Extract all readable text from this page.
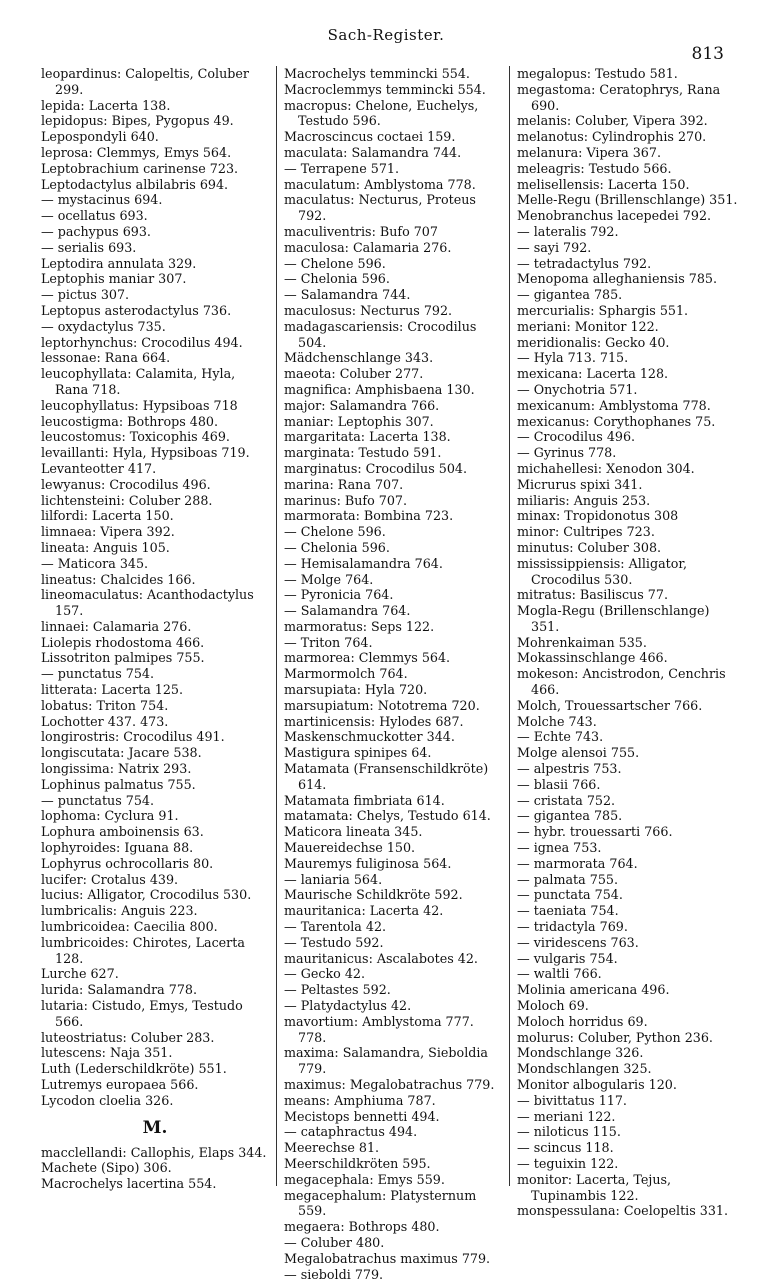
Sach-Register.
813
leopardinus: Calopeltis, Coluber 299.
lepida: Lacerta 138.
lepidopus: Bipes, Pygopus 49.
Lepospondyli 640.
leprosa: Clemmys, Emys 564.
Leptobrachium carinense 723.
Leptodactylus albilabris 694.
— mystacinus 694.
— ocellatus 693.
— pachypus 693.
— serialis 693.
Leptodira annulata 329.
Leptophis maniar 307.
— pictus 307.
Leptopus asterodactylus 736.
— oxydactylus 735.
leptorhynchus: Crocodilus 494.
lessonae: Rana 664.
leucophyllata: Calamita, Hyla, Rana 718.
leucophyllatus: Hypsiboas 718
leucostigma: Bothrops 480.
leucostomus: Toxicophis 469.
levaillanti: Hyla, Hypsiboas 719.
Levanteotter 417.
lewyanus: Crocodilus 496.
lichtensteini: Coluber 288.
lilfordi: Lacerta 150.
limnaea: Vipera 392.
lineata: Anguis 105.
— Maticora 345.
lineatus: Chalcides 166.
lineomaculatus: Acanthodactylus 157.
linnaei: Calamaria 276.
Liolepis rhodostoma 466.
Lissotriton palmipes 755.
— punctatus 754.
litterata: Lacerta 125.
lobatus: Triton 754.
Lochotter 437. 473.
longirostris: Crocodilus 491.
longiscutata: Jacare 538.
longissima: Natrix 293.
Lophinus palmatus 755.
— punctatus 754.
lophoma: Cyclura 91.
Lophura amboinensis 63.
lophyroides: Iguana 88.
Lophyrus ochrocollaris 80.
lucifer: Crotalus 439.
lucius: Alligator, Crocodilus 530.
lumbricalis: Anguis 223.
lumbricoidea: Caecilia 800.
lumbricoides: Chirotes, Lacerta 128.
Lurche 627.
lurida: Salamandra 778.
lutaria: Cistudo, Emys, Testudo 566.
luteostriatus: Coluber 283.
lutescens: Naja 351.
Luth (Lederschildkröte) 551.
Lutremys europaea 566.
Lycodon cloelia 326.
M.
macclellandi: Callophis, Elaps 344.
Machete (Sipo) 306.
Macrochelys lacertina 554.
Macrochelys temmincki 554.
Macroclemmys temmincki 554.
macropus: Chelone, Euchelys, Testudo 596.
Macroscincus coctaei 159.
maculata: Salamandra 744.
— Terrapene 571.
maculatum: Amblystoma 778.
maculatus: Necturus, Proteus 792.
maculiventris: Bufo 707
maculosa: Calamaria 276.
— Chelone 596.
— Chelonia 596.
— Salamandra 744.
maculosus: Necturus 792.
madagascariensis: Crocodilus 504.
Mädchenschlange 343.
maeota: Coluber 277.
magnifica: Amphisbaena 130.
major: Salamandra 766.
maniar: Leptophis 307.
margaritata: Lacerta 138.
marginata: Testudo 591.
marginatus: Crocodilus 504.
marina: Rana 707.
marinus: Bufo 707.
marmorata: Bombina 723.
— Chelone 596.
— Chelonia 596.
— Hemisalamandra 764.
— Molge 764.
— Pyronicia 764.
— Salamandra 764.
marmoratus: Seps 122.
— Triton 764.
marmorea: Clemmys 564.
Marmormolch 764.
marsupiata: Hyla 720.
marsupiatum: Nototrema 720.
martinicensis: Hylodes 687.
Maskenschmuckotter 344.
Mastigura spinipes 64.
Matamata (Fransenschildkröte) 614.
Matamata fimbriata 614.
matamata: Chelys, Testudo 614.
Maticora lineata 345.
Mauereidechse 150.
Mauremys fuliginosa 564.
— laniaria 564.
Maurische Schildkröte 592.
mauritanica: Lacerta 42.
— Tarentola 42.
— Testudo 592.
mauritanicus: Ascalabotes 42.
— Gecko 42.
— Peltastes 592.
— Platydactylus 42.
mavortium: Amblystoma 777. 778.
maxima: Salamandra, Sieboldia 779.
maximus: Megalobatrachus 779.
means: Amphiuma 787.
Mecistops bennetti 494.
— cataphractus 494.
Meerechse 81.
Meerschildkröten 595.
megacephala: Emys 559.
megacephalum: Platysternum 559.
megaera: Bothrops 480.
— Coluber 480.
Megalobatrachus maximus 779.
— sieboldi 779.
megalopus: Testudo 581.
megastoma: Ceratophrys, Rana 690.
melanis: Coluber, Vipera 392.
melanotus: Cylindrophis 270.
melanura: Vipera 367.
meleagris: Testudo 566.
melisellensis: Lacerta 150.
Melle-Regu (Brillenschlange) 351.
Menobranchus lacepedei 792.
— lateralis 792.
— sayi 792.
— tetradactylus 792.
Menopoma alleghaniensis 785.
— gigantea 785.
mercurialis: Sphargis 551.
meriani: Monitor 122.
meridionalis: Gecko 40.
— Hyla 713. 715.
mexicana: Lacerta 128.
— Onychotria 571.
mexicanum: Amblystoma 778.
mexicanus: Corythophanes 75.
— Crocodilus 496.
— Gyrinus 778.
michahellesi: Xenodon 304.
Micrurus spixi 341.
miliaris: Anguis 253.
minax: Tropidonotus 308
minor: Cultripes 723.
minutus: Coluber 308.
mississippiensis: Alligator, Crocodilus 530.
mitratus: Basiliscus 77.
Mogla-Regu (Brillenschlange) 351.
Mohrenkaiman 535.
Mokassinschlange 466.
mokeson: Ancistrodon, Cenchris 466.
Molch, Trouessartscher 766.
Molche 743.
— Echte 743.
Molge alensoi 755.
— alpestris 753.
— blasii 766.
— cristata 752.
— gigantea 785.
— hybr. trouessarti 766.
— ignea 753.
— marmorata 764.
— palmata 755.
— punctata 754.
— taeniata 754.
— tridactyla 769.
— viridescens 763.
— vulgaris 754.
— waltli 766.
Molinia americana 496.
Moloch 69.
Moloch horridus 69.
molurus: Coluber, Python 236.
Mondschlange 326.
Mondschlangen 325.
Monitor albogularis 120.
— bivittatus 117.
— meriani 122.
— niloticus 115.
— scincus 118.
— teguixin 122.
monitor: Lacerta, Tejus, Tupinambis 122.
monspessulana: Coelopeltis 331.
